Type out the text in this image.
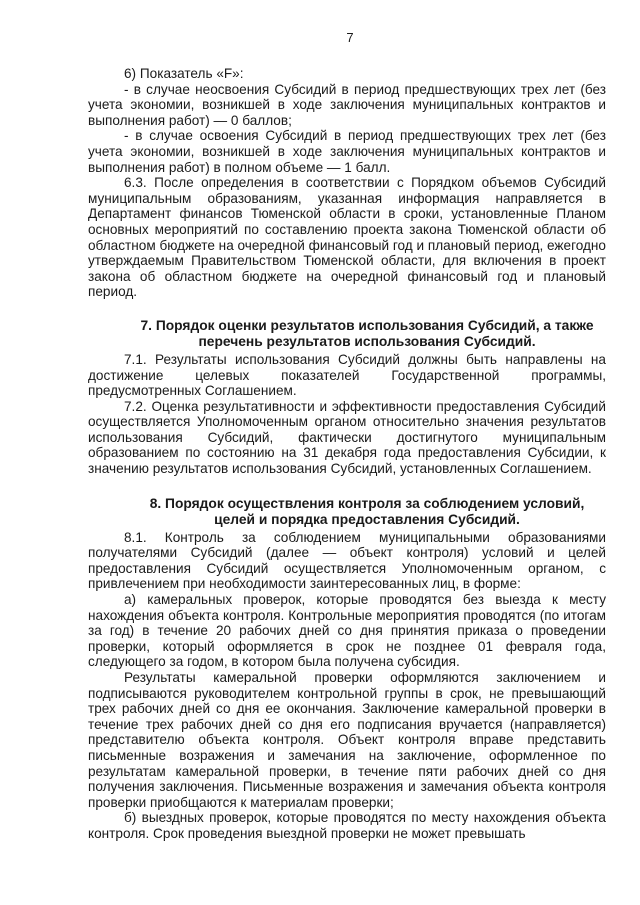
7

6) Показатель «F»:

- в случае неосвоения Субсидий в период предшествующих трех лет (без учета экономии, возникшей в ходе заключения муниципальных контрактов и выполнения работ) — 0 баллов;

- в случае освоения Субсидий в период предшествующих трех лет (без учета экономии, возникшей в ходе заключения муниципальных контрактов и выполнения работ) в полном объеме — 1 балл.

6.3. После определения в соответствии с Порядком объемов Субсидий муниципальным образованиям, указанная информация направляется в Департамент финансов Тюменской области в сроки, установленные Планом основных мероприятий по составлению проекта закона Тюменской области об областном бюджете на очередной финансовый год и плановый период, ежегодно утверждаемым Правительством Тюменской области, для включения в проект закона об областном бюджете на очередной финансовый год и плановый период.

7. Порядок оценки результатов использования Субсидий, а также перечень результатов использования Субсидий.

7.1. Результаты использования Субсидий должны быть направлены на достижение целевых показателей Государственной программы, предусмотренных Соглашением.

7.2. Оценка результативности и эффективности предоставления Субсидий осуществляется Уполномоченным органом относительно значения результатов использования Субсидий, фактически достигнутого муниципальным образованием по состоянию на 31 декабря года предоставления Субсидии, к значению результатов использования Субсидий, установленных Соглашением.

8. Порядок осуществления контроля за соблюдением условий, целей и порядка предоставления Субсидий.

8.1. Контроль за соблюдением муниципальными образованиями получателями Субсидий (далее — объект контроля) условий и целей предоставления Субсидий осуществляется Уполномоченным органом, с привлечением при необходимости заинтересованных лиц, в форме:

а) камеральных проверок, которые проводятся без выезда к месту нахождения объекта контроля. Контрольные мероприятия проводятся (по итогам за год) в течение 20 рабочих дней со дня принятия приказа о проведении проверки, который оформляется в срок не позднее 01 февраля года, следующего за годом, в котором была получена субсидия.

Результаты камеральной проверки оформляются заключением и подписываются руководителем контрольной группы в срок, не превышающий трех рабочих дней со дня ее окончания. Заключение камеральной проверки в течение трех рабочих дней со дня его подписания вручается (направляется) представителю объекта контроля. Объект контроля вправе представить письменные возражения и замечания на заключение, оформленное по результатам камеральной проверки, в течение пяти рабочих дней со дня получения заключения. Письменные возражения и замечания объекта контроля проверки приобщаются к материалам проверки;

б) выездных проверок, которые проводятся по месту нахождения объекта контроля. Срок проведения выездной проверки не может превышать
